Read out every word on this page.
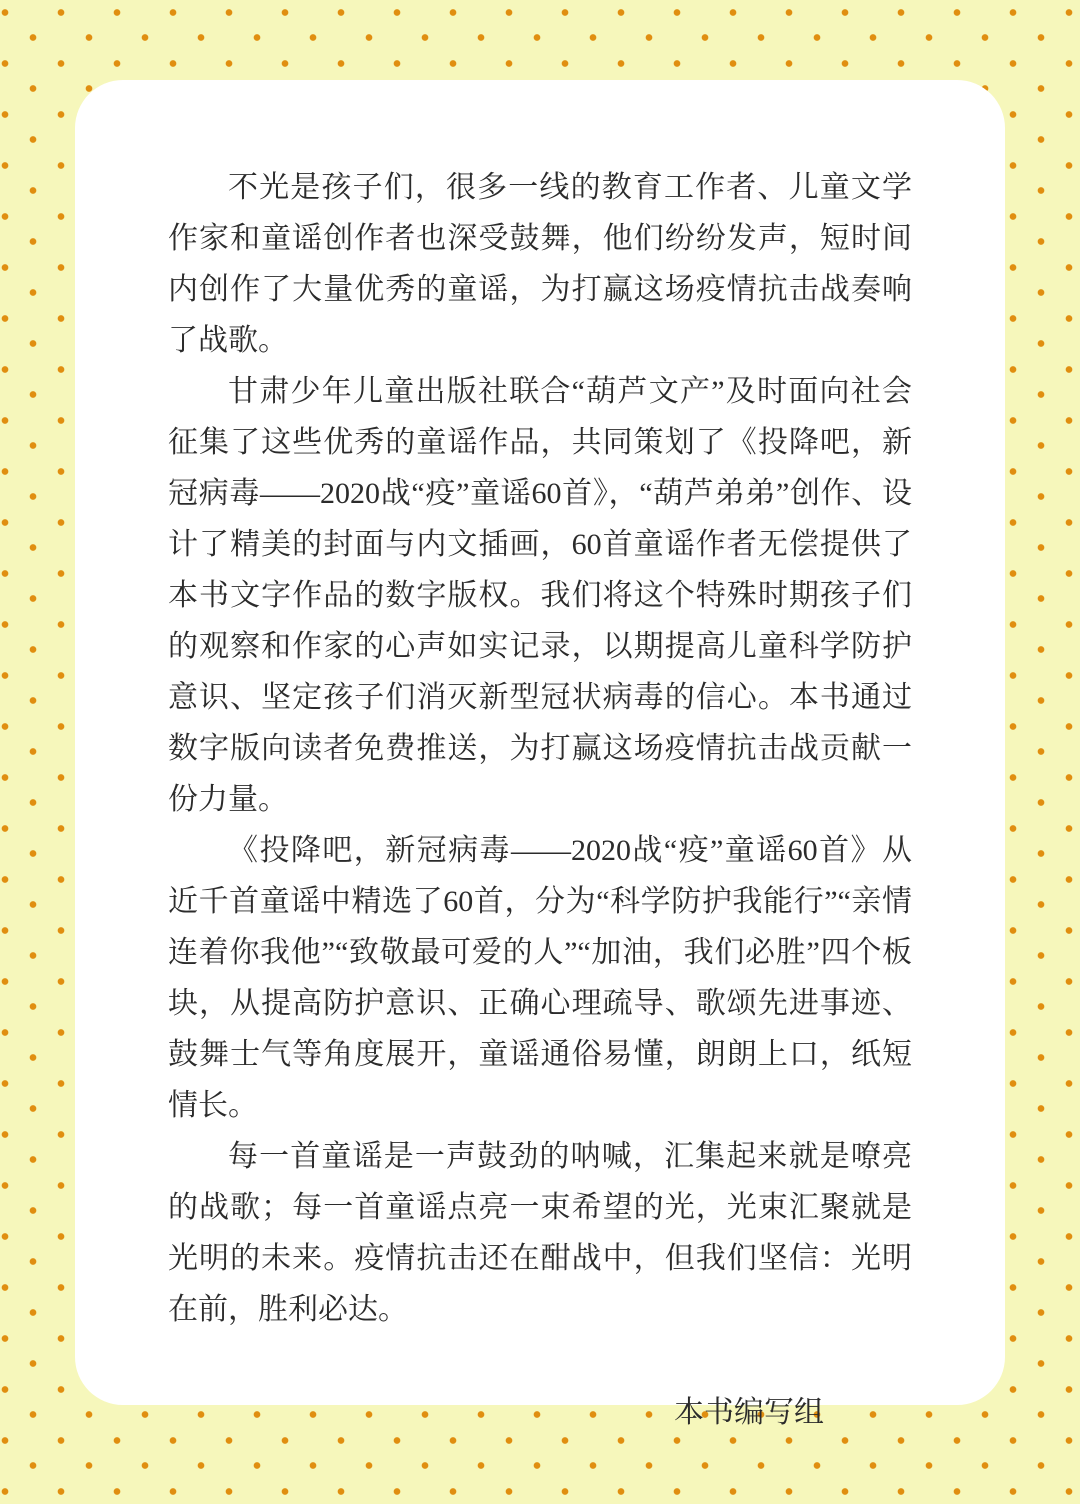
不光是孩子们，很多一线的教育工作者、儿童文学作家和童谣创作者也深受鼓舞，他们纷纷发声，短时间内创作了大量优秀的童谣，为打赢这场疫情抗击战奏响了战歌。

甘肃少年儿童出版社联合“葫芦文产”及时面向社会征集了这些优秀的童谣作品，共同策划了《投降吧，新冠病毒——2020战“疫”童谣60首》，“葫芦弟弟”创作、设计了精美的封面与内文插画，60首童谣作者无偿提供了本书文字作品的数字版权。我们将这个特殊时期孩子们的观察和作家的心声如实记录，以期提高儿童科学防护意识、坚定孩子们消灭新型冠状病毒的信心。本书通过数字版向读者免费推送，为打赢这场疫情抗击战贡献一份力量。

《投降吧，新冠病毒——2020战“疫”童谣60首》从近千首童谣中精选了60首，分为“科学防护我能行”“亲情连着你我他”“致敬最可爱的人”“加油，我们必胜”四个板块，从提高防护意识、正确心理疏导、歌颂先进事迹、鼓舞士气等角度展开，童谣通俗易懂，朗朗上口，纸短情长。

每一首童谣是一声鼓劲的呐喊，汇集起来就是嘹亮的战歌；每一首童谣点亮一束希望的光，光束汇聚就是光明的未来。疫情抗击还在酣战中，但我们坚信：光明在前，胜利必达。

本书编写组
